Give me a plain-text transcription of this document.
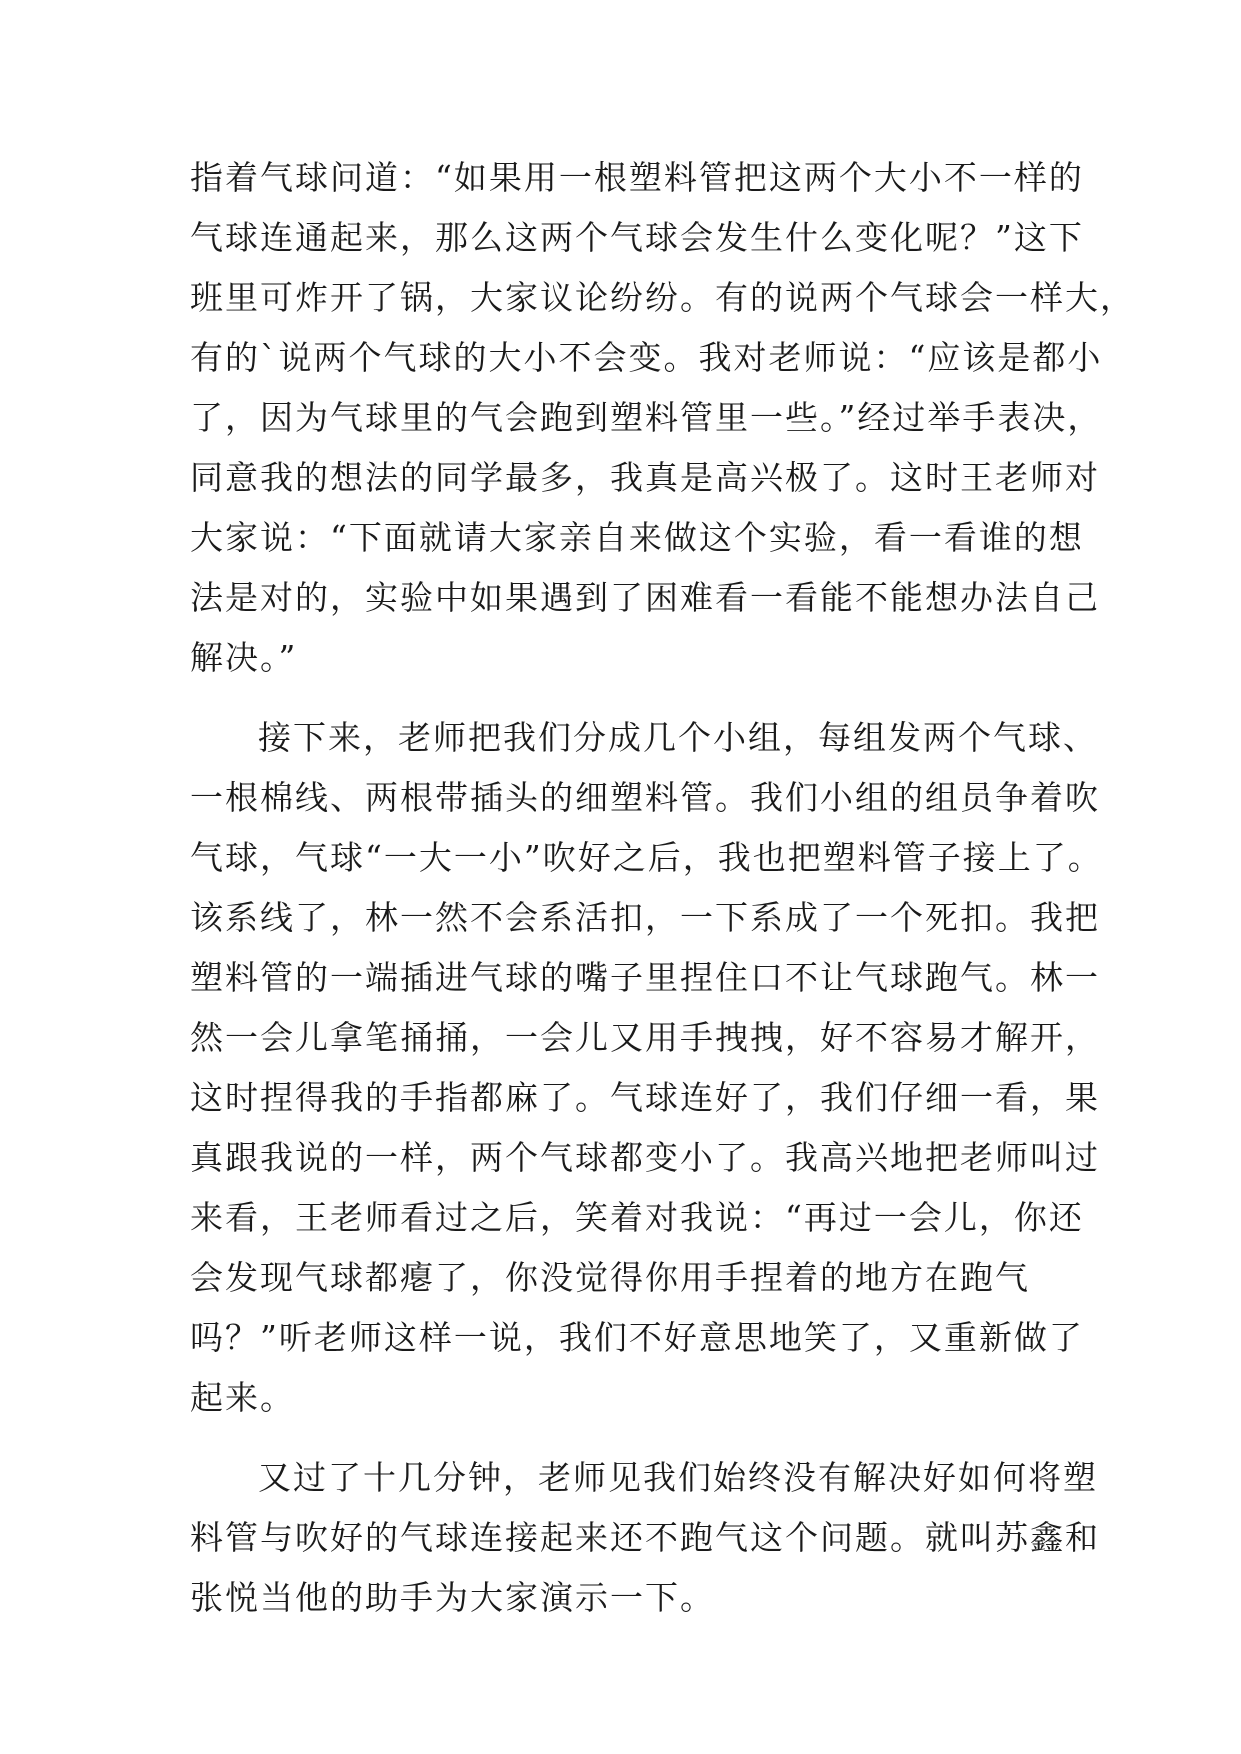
指着气球问道：“如果用一根塑料管把这两个大小不一样的
气球连通起来，那么这两个气球会发生什么变化呢？”这下
班里可炸开了锅，大家议论纷纷。有的说两个气球会一样大，
有的`说两个气球的大小不会变。我对老师说：“应该是都小
了，因为气球里的气会跑到塑料管里一些。”经过举手表决，
同意我的想法的同学最多，我真是高兴极了。这时王老师对
大家说：“下面就请大家亲自来做这个实验，看一看谁的想
法是对的，实验中如果遇到了困难看一看能不能想办法自己
解决。”
接下来，老师把我们分成几个小组，每组发两个气球、
一根棉线、两根带插头的细塑料管。我们小组的组员争着吹
气球，气球“一大一小”吹好之后，我也把塑料管子接上了。
该系线了，林一然不会系活扣，一下系成了一个死扣。我把
塑料管的一端插进气球的嘴子里捏住口不让气球跑气。林一
然一会儿拿笔捅捅，一会儿又用手拽拽，好不容易才解开，
这时捏得我的手指都麻了。气球连好了，我们仔细一看，果
真跟我说的一样，两个气球都变小了。我高兴地把老师叫过
来看，王老师看过之后，笑着对我说：“再过一会儿，你还
会发现气球都瘪了，你没觉得你用手捏着的地方在跑气
吗？”听老师这样一说，我们不好意思地笑了，又重新做了
起来。
又过了十几分钟，老师见我们始终没有解决好如何将塑
料管与吹好的气球连接起来还不跑气这个问题。就叫苏鑫和
张悦当他的助手为大家演示一下。
